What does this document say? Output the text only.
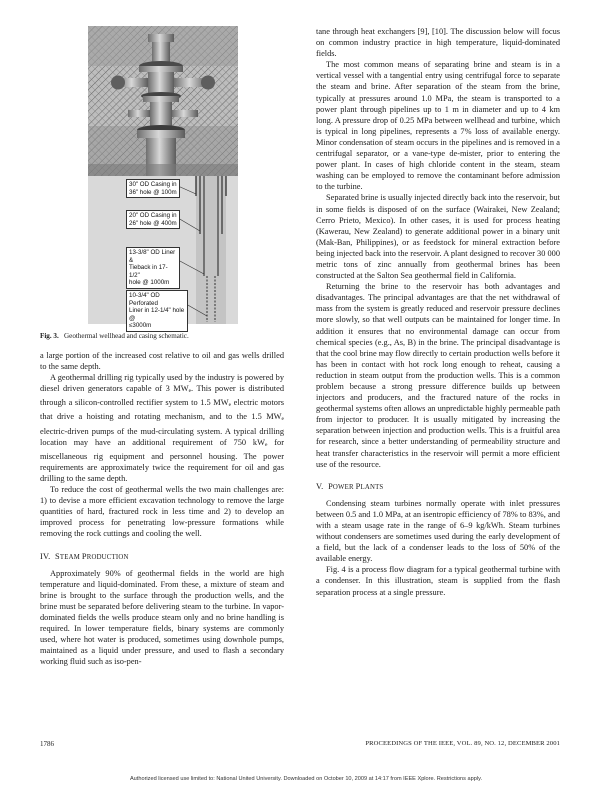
30" OD Casing in
36" hole @ 100m
20" OD Casing in
26" hole @ 400m
13-3/8" OD Liner &
Tieback in 17-1/2"
hole @ 1000m
10-3/4" OD Perforated
Liner in 12-1/4" hole @
≤3000m
Fig. 3. Geothermal wellhead and casing schematic.

a large portion of the increased cost relative to oil and gas wells drilled to the same depth.

A geothermal drilling rig typically used by the industry is powered by diesel driven generators capable of 3 MWe. This power is distributed through a silicon-controlled rectifier system to 1.5 MWe electric motors that drive a hoisting and rotating mechanism, and to the 1.5 MWe electric-driven pumps of the mud-circulating system. A typical drilling location may have an additional requirement of 750 kWe for miscellaneous rig equipment and personnel housing. The power requirements are approximately twice the requirement for oil and gas drilling to the same depth.

To reduce the cost of geothermal wells the two main challenges are: 1) to devise a more efficient excavation technology to remove the large quantities of hard, fractured rock in less time and 2) to develop an improved process for penetrating low-pressure formations while removing the rock cuttings and cooling the well.

IV. STEAM PRODUCTION

Approximately 90% of geothermal fields in the world are high temperature and liquid-dominated. From these, a mixture of steam and brine is brought to the surface through the production wells, and the brine must be separated before delivering steam to the turbine. In vapor-dominated fields the wells produce steam only and no brine handling is required. In lower temperature fields, binary systems are commonly used, where hot water is produced, sometimes using downhole pumps, maintained as a liquid under pressure, and used to flash a secondary working fluid such as iso-pen-

tane through heat exchangers [9], [10]. The discussion below will focus on common industry practice in high temperature, liquid-dominated fields.

The most common means of separating brine and steam is in a vertical vessel with a tangential entry using centrifugal force to separate the steam and brine. After separation of the steam from the brine, typically at pressures around 1.0 MPa, the steam is transported to a power plant through pipelines up to 1 m in diameter and up to 4 km long. A pressure drop of 0.25 MPa between wellhead and turbine, which is typical in long pipelines, represents a 7% loss of available energy. Minor condensation of steam occurs in the pipelines and is removed in a centrifugal separator, or a vane-type de-mister, prior to entering the power plant. In cases of high chloride content in the steam, steam washing can be employed to remove the contaminant before admission to the turbine.

Separated brine is usually injected directly back into the reservoir, but in some fields is disposed of on the surface (Wairakei, New Zealand; Cerro Prieto, Mexico). In other cases, it is used for process heating (Kawerau, New Zealand) to generate additional power in a binary unit (Mak-Ban, Philippines), or as feedstock for mineral extraction before being injected back into the reservoir. A plant designed to recover 30 000 metric tons of zinc annually from geothermal brines has been constructed at the Salton Sea geothermal field in California.

Returning the brine to the reservoir has both advantages and disadvantages. The principal advantages are that the net withdrawal of mass from the system is greatly reduced and reservoir pressure declines more slowly, so that well outputs can be maintained for longer time. In addition it ensures that no environmental damage can occur from chemical species (e.g., As, B) in the brine. The principal disadvantage is that the cool brine may flow directly to certain production wells before it has been in contact with hot rock long enough to reheat, causing a reduction in steam output from the production wells. This is a common problem because a strong pressure difference builds up between injectors and producers, and the fractured nature of the rocks in geothermal systems often allows an unpredictable highly permeable path from injector to producer. It is usually mitigated by increasing the separation between injection and production wells. This is a fruitful area for research, since a better understanding of permeability structure and heat transfer characteristics in the reservoir will permit a more efficient use of the resource.

V. POWER PLANTS

Condensing steam turbines normally operate with inlet pressures between 0.5 and 1.0 MPa, at an isentropic efficiency of 78% to 83%, and with a steam usage rate in the range of 6–9 kg/kWh. Steam turbines without condensers are sometimes used during the early development of a field, but the lack of a condenser leads to the loss of 50% of the available energy.

Fig. 4 is a process flow diagram for a typical geothermal turbine with a condenser. In this illustration, steam is supplied from the flash separation process at a single pressure.

1786	PROCEEDINGS OF THE IEEE, VOL. 89, NO. 12, DECEMBER 2001
Authorized licensed use limited to: National United University. Downloaded on October 10, 2009 at 14:17 from IEEE Xplore. Restrictions apply.
